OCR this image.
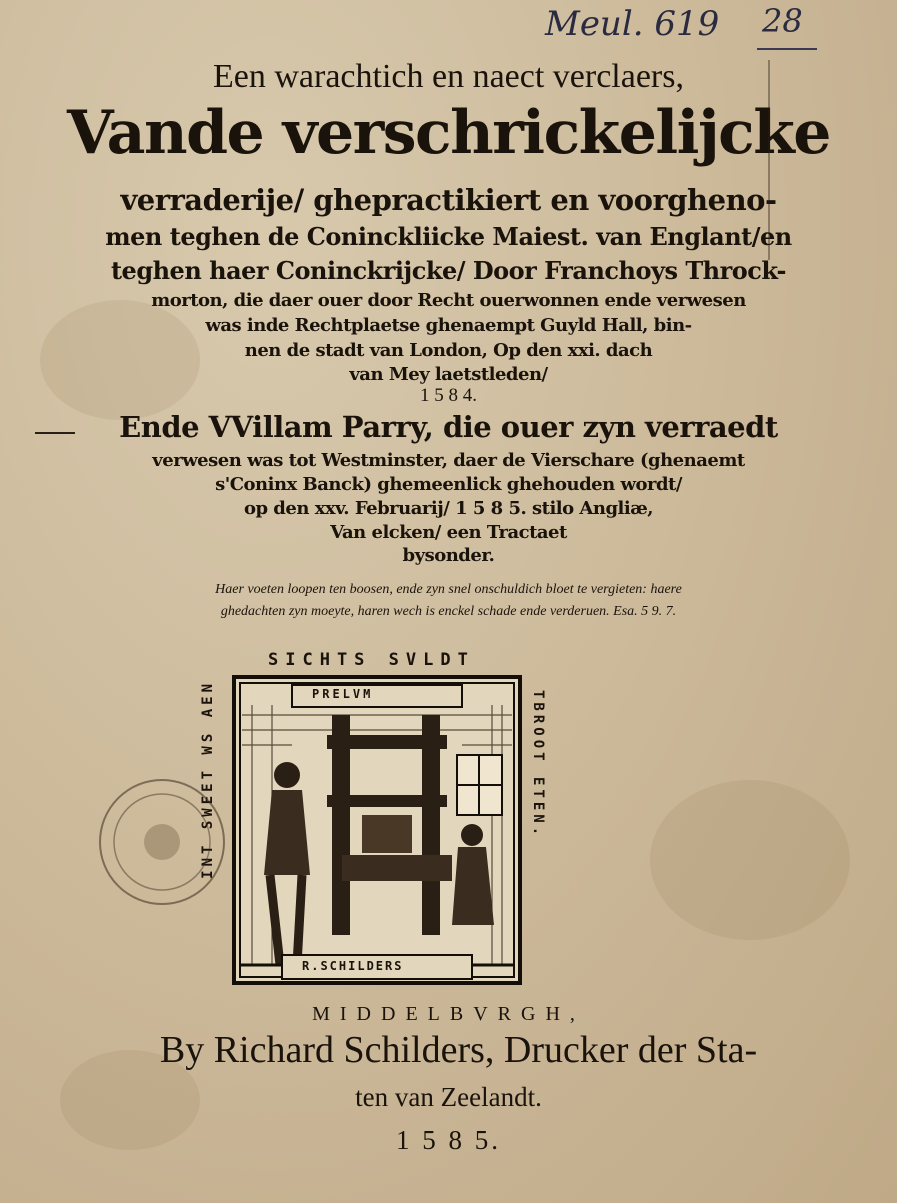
Meul. 619 28
Een warachtich en naect verclaers,
Vande verschrickelijcke
verraderije/ ghepractikiert en voorgheno-
men teghen de Coninckliicke Maiest. van Englant/en
teghen haer Coninckrijcke/ Door Franchoys Throck-
morton, die daer ouer door Recht ouerwonnen ende verwesen
was inde Rechtplaetse ghenaempt Guyld Hall, bin-
nen de stadt van London, Op den xxi. dach
van Mey laetstleden/
1 5 8 4.
Ende VVillam Parry, die ouer zyn verraedt
verwesen was tot Westminster, daer de Vierschare (ghenaemt
s'Coninx Banck) ghemeenlick ghehouden wordt/
op den xxv. Februarij/ 1 5 8 5. stilo Angliæ,
Van elcken/ een Tractaet
bysonder.
Haer voeten loopen ten boosen, ende zyn snel onschuldich bloet te vergieten: haere
ghedachten zyn moeyte, haren wech is enckel schade ende verderuen. Esa. 5 9. 7.
SICHTS SVLDT
INT SWEET WS AEN	TBROOT ETEN.
PRELVM
R.SCHILDERS
MIDDELBVRGH,
By Richard Schilders, Drucker der Sta-
ten van Zeelandt.
1 5 8 5.
